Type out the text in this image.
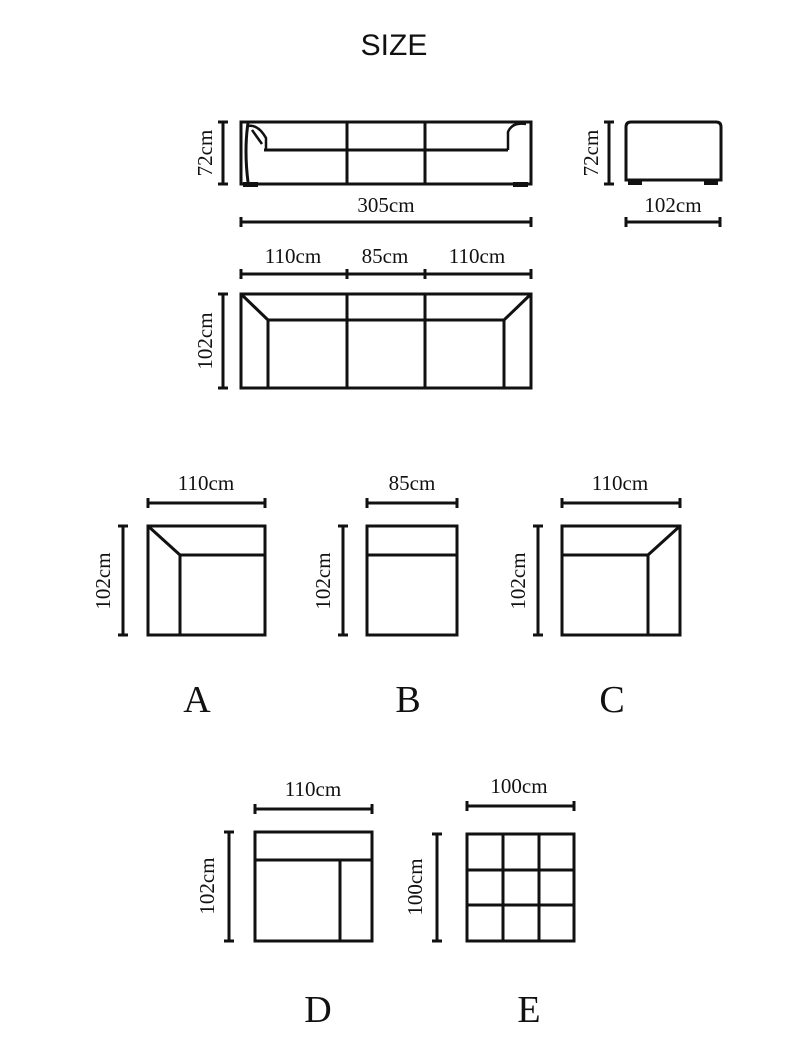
SIZE
72cm
305cm
72cm
102cm
110cm 85cm 110cm
102cm
110cm
102cm
A
85cm
102cm
B
110cm
102cm
C
110cm
102cm
D
100cm
100cm
E
